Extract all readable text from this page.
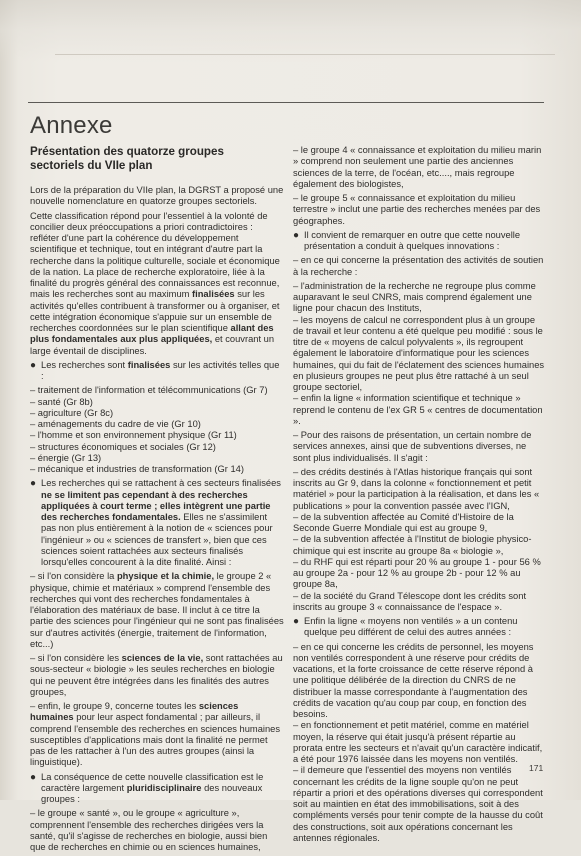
Annexe
Présentation des quatorze groupes sectoriels du VIIe plan

Lors de la préparation du VIIe plan, la DGRST a proposé une nouvelle nomenclature en quatorze groupes sectoriels.

Cette classification répond pour l'essentiel à la volonté de concilier deux préoccupations a priori contradictoires : refléter d'une part la cohérence du développement scientifique et technique, tout en intégrant d'autre part la recherche dans la politique culturelle, sociale et économique de la nation. La place de recherche exploratoire, liée à la finalité du progrès général des connaissances est reconnue, mais les recherches sont au maximum finalisées sur les activités qu'elles contribuent à transformer ou à organiser, et cette intégration économique s'appuie sur un ensemble de recherches coordonnées sur le plan scientifique allant des plus fondamentales aux plus appliquées, et couvrant un large éventail de disciplines.

● Les recherches sont finalisées sur les activités telles que :

– traitement de l'information et télécommunications (Gr 7)
– santé (Gr 8b)
– agriculture (Gr 8c)
– aménagements du cadre de vie (Gr 10)
– l'homme et son environnement physique (Gr 11)
– structures économiques et sociales (Gr 12)
– énergie (Gr 13)
– mécanique et industries de transformation (Gr 14)

● Les recherches qui se rattachent à ces secteurs finalisées ne se limitent pas cependant à des recherches appliquées à court terme ; elles intègrent une partie des recherches fondamentales. Elles ne s'assimilent pas non plus entièrement à la notion de « sciences pour l'ingénieur » ou « sciences de transfert », bien que ces sciences soient rattachées aux secteurs finalisés lorsqu'elles concourent à la dite finalité. Ainsi :

– si l'on considère la physique et la chimie, le groupe 2 « physique, chimie et matériaux » comprend l'ensemble des recherches qui vont des recherches fondamentales à l'élaboration des matériaux de base. Il inclut à ce titre la partie des sciences pour l'ingénieur qui ne sont pas finalisées sur d'autres activités (énergie, traitement de l'information, etc...)

– si l'on considère les sciences de la vie, sont rattachées au sous-secteur « biologie » les seules recherches en biologie qui ne peuvent être intégrées dans les finalités des autres groupes,

– enfin, le groupe 9, concerne toutes les sciences humaines pour leur aspect fondamental ; par ailleurs, il comprend l'ensemble des recherches en sciences humaines susceptibles d'applications mais dont la finalité ne permet pas de les rattacher à l'un des autres groupes (ainsi la linguistique).

● La conséquence de cette nouvelle classification est le caractère largement pluridisciplinaire des nouveaux groupes :

– le groupe « santé », ou le groupe « agriculture », comprennent l'ensemble des recherches dirigées vers la santé, qu'il s'agisse de recherches en biologie, aussi bien que de recherches en chimie ou en sciences humaines,

– le groupe 4 « connaissance et exploitation du milieu marin » comprend non seulement une partie des anciennes sciences de la terre, de l'océan, etc...., mais regroupe également des biologistes,

– le groupe 5 « connaissance et exploitation du milieu terrestre » inclut une partie des recherches menées par des géographes.

● Il convient de remarquer en outre que cette nouvelle présentation a conduit à quelques innovations :

– en ce qui concerne la présentation des activités de soutien à la recherche :

– l'administration de la recherche ne regroupe plus comme auparavant le seul CNRS, mais comprend également une ligne pour chacun des Instituts,
– les moyens de calcul ne correspondent plus à un groupe de travail et leur contenu a été quelque peu modifié : sous le titre de « moyens de calcul polyvalents », ils regroupent également le laboratoire d'informatique pour les sciences humaines, qui du fait de l'éclatement des sciences humaines en plusieurs groupes ne peut plus être rattaché à un seul groupe sectoriel,
– enfin la ligne « information scientifique et technique » reprend le contenu de l'ex GR 5 « centres de documentation ».

– Pour des raisons de présentation, un certain nombre de services annexes, ainsi que de subventions diverses, ne sont plus individualisés. Il s'agit :

– des crédits destinés à l'Atlas historique français qui sont inscrits au Gr 9, dans la colonne « fonctionnement et petit matériel » pour la participation à la réalisation, et dans les « publications » pour la convention passée avec l'IGN,
– de la subvention affectée au Comité d'Histoire de la Seconde Guerre Mondiale qui est au groupe 9,
– de la subvention affectée à l'Institut de biologie physico-chimique qui est inscrite au groupe 8a « biologie »,
– du RHF qui est réparti pour 20 % au groupe 1 - pour 56 % au groupe 2a - pour 12 % au groupe 2b - pour 12 % au groupe 8a,
– de la société du Grand Télescope dont les crédits sont inscrits au groupe 3 « connaissance de l'espace ».

● Enfin la ligne « moyens non ventilés » a un contenu quelque peu différent de celui des autres années :

– en ce qui concerne les crédits de personnel, les moyens non ventilés correspondent à une réserve pour crédits de vacations, et la forte croissance de cette réserve répond à une politique délibérée de la direction du CNRS de ne distribuer la masse correspondante à l'augmentation des crédits de vacation qu'au coup par coup, en fonction des besoins.
– en fonctionnement et petit matériel, comme en matériel moyen, la réserve qui était jusqu'à présent répartie au prorata entre les secteurs et n'avait qu'un caractère indicatif, a été pour 1976 laissée dans les moyens non ventilés.
– il demeure que l'essentiel des moyens non ventilés concernant les crédits de la ligne souple qu'on ne peut répartir a priori et des opérations diverses qui correspondent soit au maintien en état des immobilisations, soit à des compléments versés pour tenir compte de la hausse du coût des constructions, soit aux opérations concernant les antennes régionales.
171
